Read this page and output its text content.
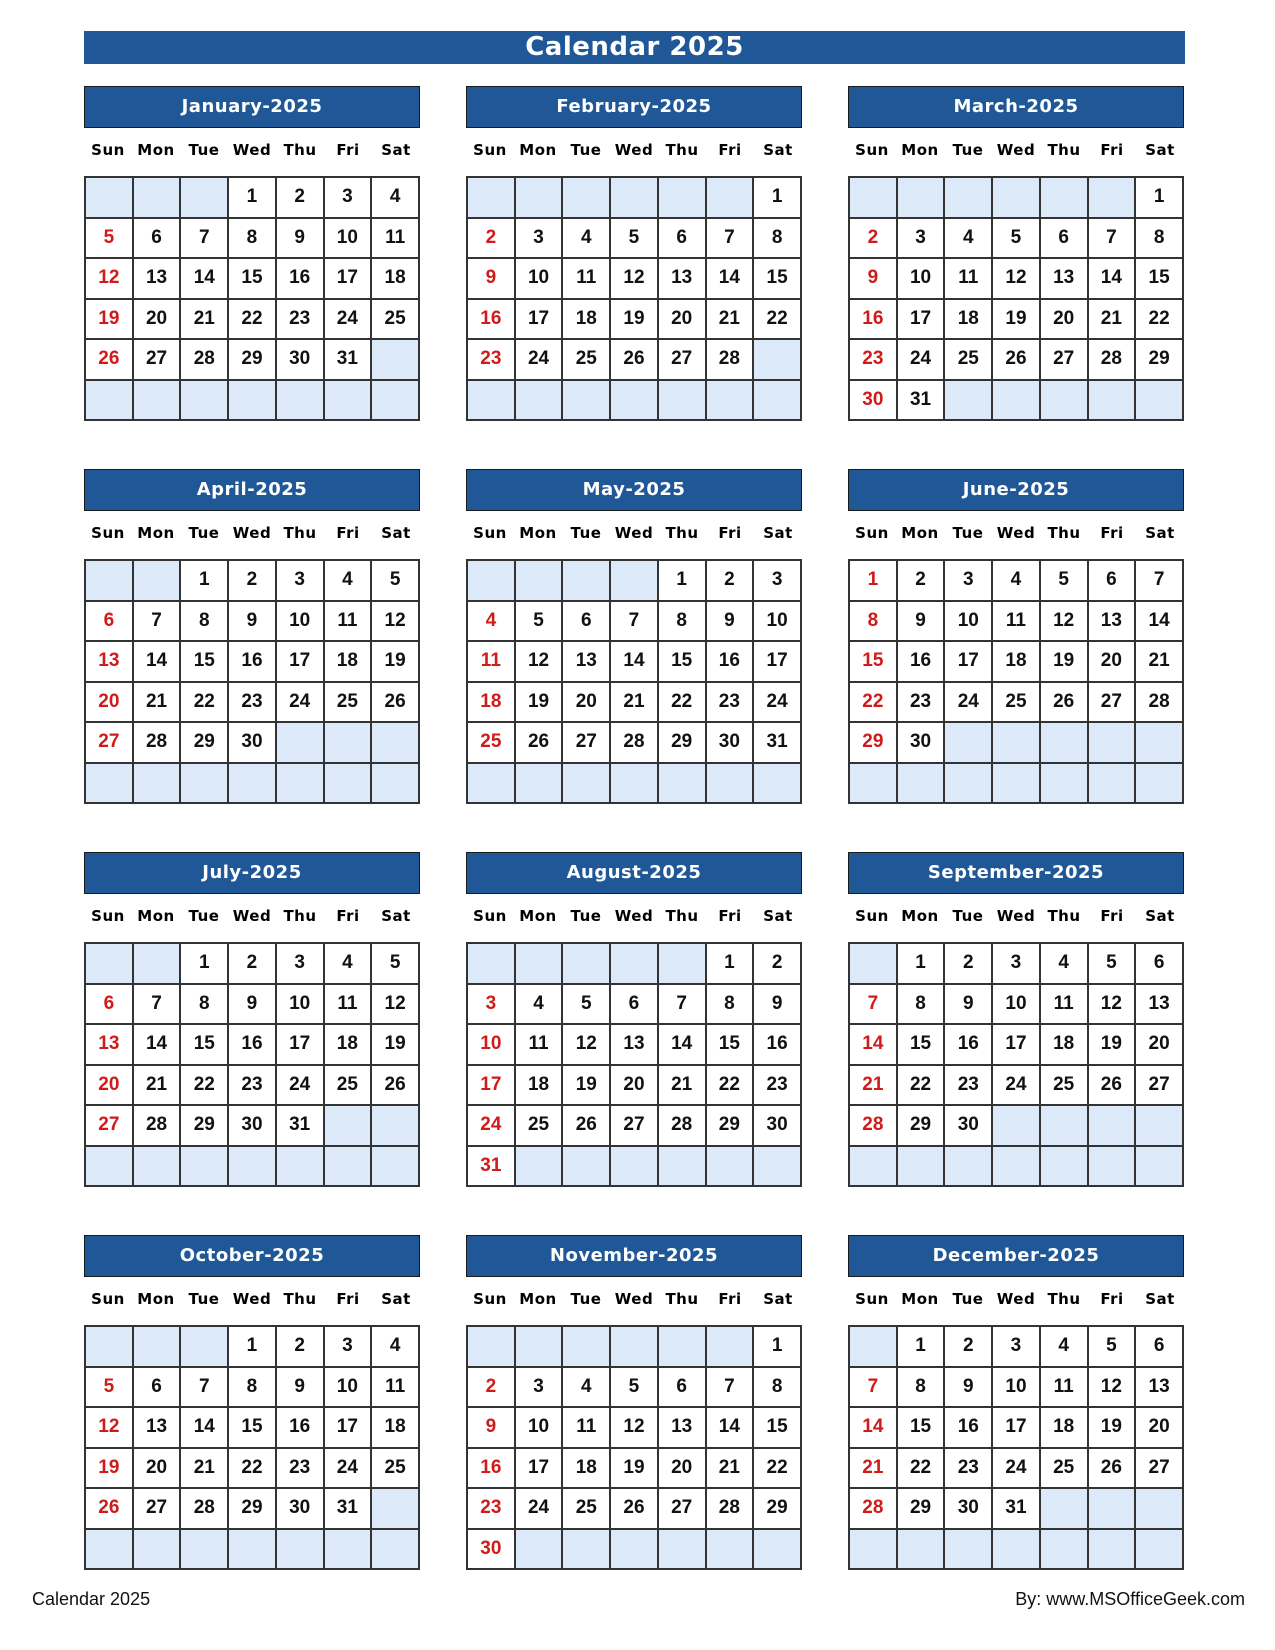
Calendar 2025
January-2025
Sun Mon Tue Wed Thu	Fri	Sat
			1	2	3	4
5	6	7	8	9	10	11
12	13	14	15	16	17	18
19	20	21	22	23	24	25
26	27	28	29	30	31	

February-2025
Sun Mon Tue Wed Thu	Fri	Sat
						1
2	3	4	5	6	7	8
9	10	11	12	13	14	15
16	17	18	19	20	21	22
23	24	25	26	27	28	

March-2025
Sun Mon Tue Wed Thu	Fri	Sat
						1
2	3	4	5	6	7	8
9	10	11	12	13	14	15
16	17	18	19	20	21	22
23	24	25	26	27	28	29
30	31					
April-2025
Sun Mon Tue Wed Thu	Fri	Sat
		1	2	3	4	5
6	7	8	9	10	11	12
13	14	15	16	17	18	19
20	21	22	23	24	25	26
27	28	29	30			

May-2025
Sun Mon Tue Wed Thu	Fri	Sat
				1	2	3
4	5	6	7	8	9	10
11	12	13	14	15	16	17
18	19	20	21	22	23	24
25	26	27	28	29	30	31

June-2025
Sun Mon Tue Wed Thu	Fri	Sat
1	2	3	4	5	6	7
8	9	10	11	12	13	14
15	16	17	18	19	20	21
22	23	24	25	26	27	28
29	30					

July-2025
Sun Mon Tue Wed Thu	Fri	Sat
		1	2	3	4	5
6	7	8	9	10	11	12
13	14	15	16	17	18	19
20	21	22	23	24	25	26
27	28	29	30	31		

August-2025
Sun Mon Tue Wed Thu	Fri	Sat
					1	2
3	4	5	6	7	8	9
10	11	12	13	14	15	16
17	18	19	20	21	22	23
24	25	26	27	28	29	30
31						
September-2025
Sun Mon Tue Wed Thu	Fri	Sat
	1	2	3	4	5	6
7	8	9	10	11	12	13
14	15	16	17	18	19	20
21	22	23	24	25	26	27
28	29	30				

October-2025
Sun Mon Tue Wed Thu	Fri	Sat
			1	2	3	4
5	6	7	8	9	10	11
12	13	14	15	16	17	18
19	20	21	22	23	24	25
26	27	28	29	30	31	

November-2025
Sun Mon Tue Wed Thu	Fri	Sat
						1
2	3	4	5	6	7	8
9	10	11	12	13	14	15
16	17	18	19	20	21	22
23	24	25	26	27	28	29
30						
December-2025
Sun Mon Tue Wed Thu	Fri	Sat
	1	2	3	4	5	6
7	8	9	10	11	12	13
14	15	16	17	18	19	20
21	22	23	24	25	26	27
28	29	30	31			

Calendar 2025	By: www.MSOfficeGeek.com
